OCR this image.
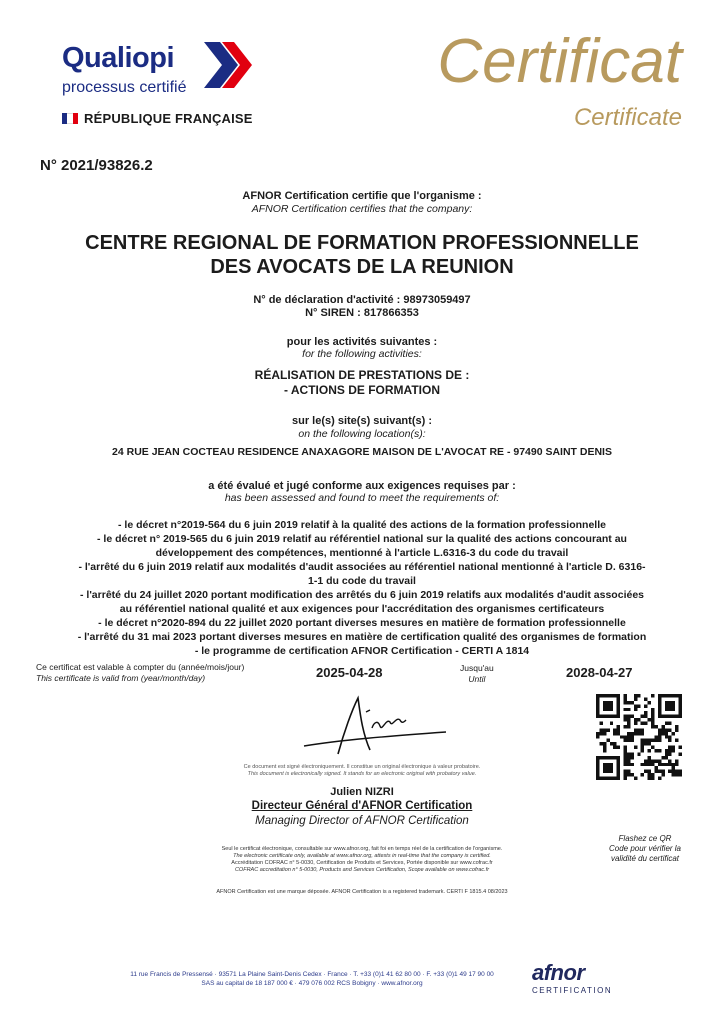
Qualiopi
processus certifié
RÉPUBLIQUE FRANÇAISE
Certificat
Certificate
N° 2021/93826.2
AFNOR Certification certifie que l'organisme :
AFNOR Certification certifies that the company:
CENTRE REGIONAL DE FORMATION PROFESSIONNELLE
DES AVOCATS DE LA REUNION
N° de déclaration d'activité : 98973059497
N° SIREN : 817866353
pour les activités suivantes :
for the following activities:
RÉALISATION DE PRESTATIONS DE :
- ACTIONS DE FORMATION
sur le(s) site(s) suivant(s) :
on the following location(s):
24 RUE JEAN COCTEAU RESIDENCE ANAXAGORE MAISON DE L'AVOCAT RE - 97490 SAINT DENIS
a été évalué et jugé conforme aux exigences requises par :
has been assessed and found to meet the requirements of:
- le décret n°2019-564 du 6 juin 2019 relatif à la qualité des actions de la formation professionnelle
- le décret n° 2019-565 du 6 juin 2019 relatif au référentiel national sur la qualité des actions concourant au
développement des compétences, mentionné à l'article L.6316-3 du code du travail
- l'arrêté du 6 juin 2019 relatif aux modalités d'audit associées au référentiel national mentionné à l'article D. 6316-
1-1 du code du travail
- l'arrêté du 24 juillet 2020 portant modification des arrêtés du 6 juin 2019 relatifs aux modalités d'audit associées
au référentiel national qualité et aux exigences pour l'accréditation des organismes certificateurs
- le décret n°2020-894 du 22 juillet 2020 portant diverses mesures en matière de formation professionnelle
- l'arrêté du 31 mai 2023 portant diverses mesures en matière de certification qualité des organismes de formation
- le programme de certification AFNOR Certification - CERTI A 1814
Ce certificat est valable à compter du (année/mois/jour)
This certificate is valid from (year/month/day)	2025-04-28	Jusqu'au
Until	2028-04-27
Ce document est signé électroniquement. Il constitue un original électronique à valeur probatoire.
This document is electronically signed. It stands for an electronic original with probatory value.
Julien NIZRI
Directeur Général d'AFNOR Certification
Managing Director of AFNOR Certification
Flashez ce QR
Code pour vérifier la
validité du certificat
Seul le certificat électronique, consultable sur www.afnor.org, fait foi en temps réel de la certification de l'organisme.
The electronic certificate only, available at www.afnor.org, attests in real-time that the company is certified.
Accréditation COFRAC n° 5-0030, Certification de Produits et Services, Portée disponible sur www.cofrac.fr
COFRAC accreditation n° 5-0030, Products and Services Certification, Scope available on www.cofrac.fr
AFNOR Certification est une marque déposée. AFNOR Certification is a registered trademark. CERTI F 1815.4 08/2023
11 rue Francis de Pressensé · 93571 La Plaine Saint-Denis Cedex · France · T. +33 (0)1 41 62 80 00 · F. +33 (0)1 49 17 90 00
SAS au capital de 18 187 000 € · 479 076 002 RCS Bobigny · www.afnor.org	afnor
CERTIFICATION
